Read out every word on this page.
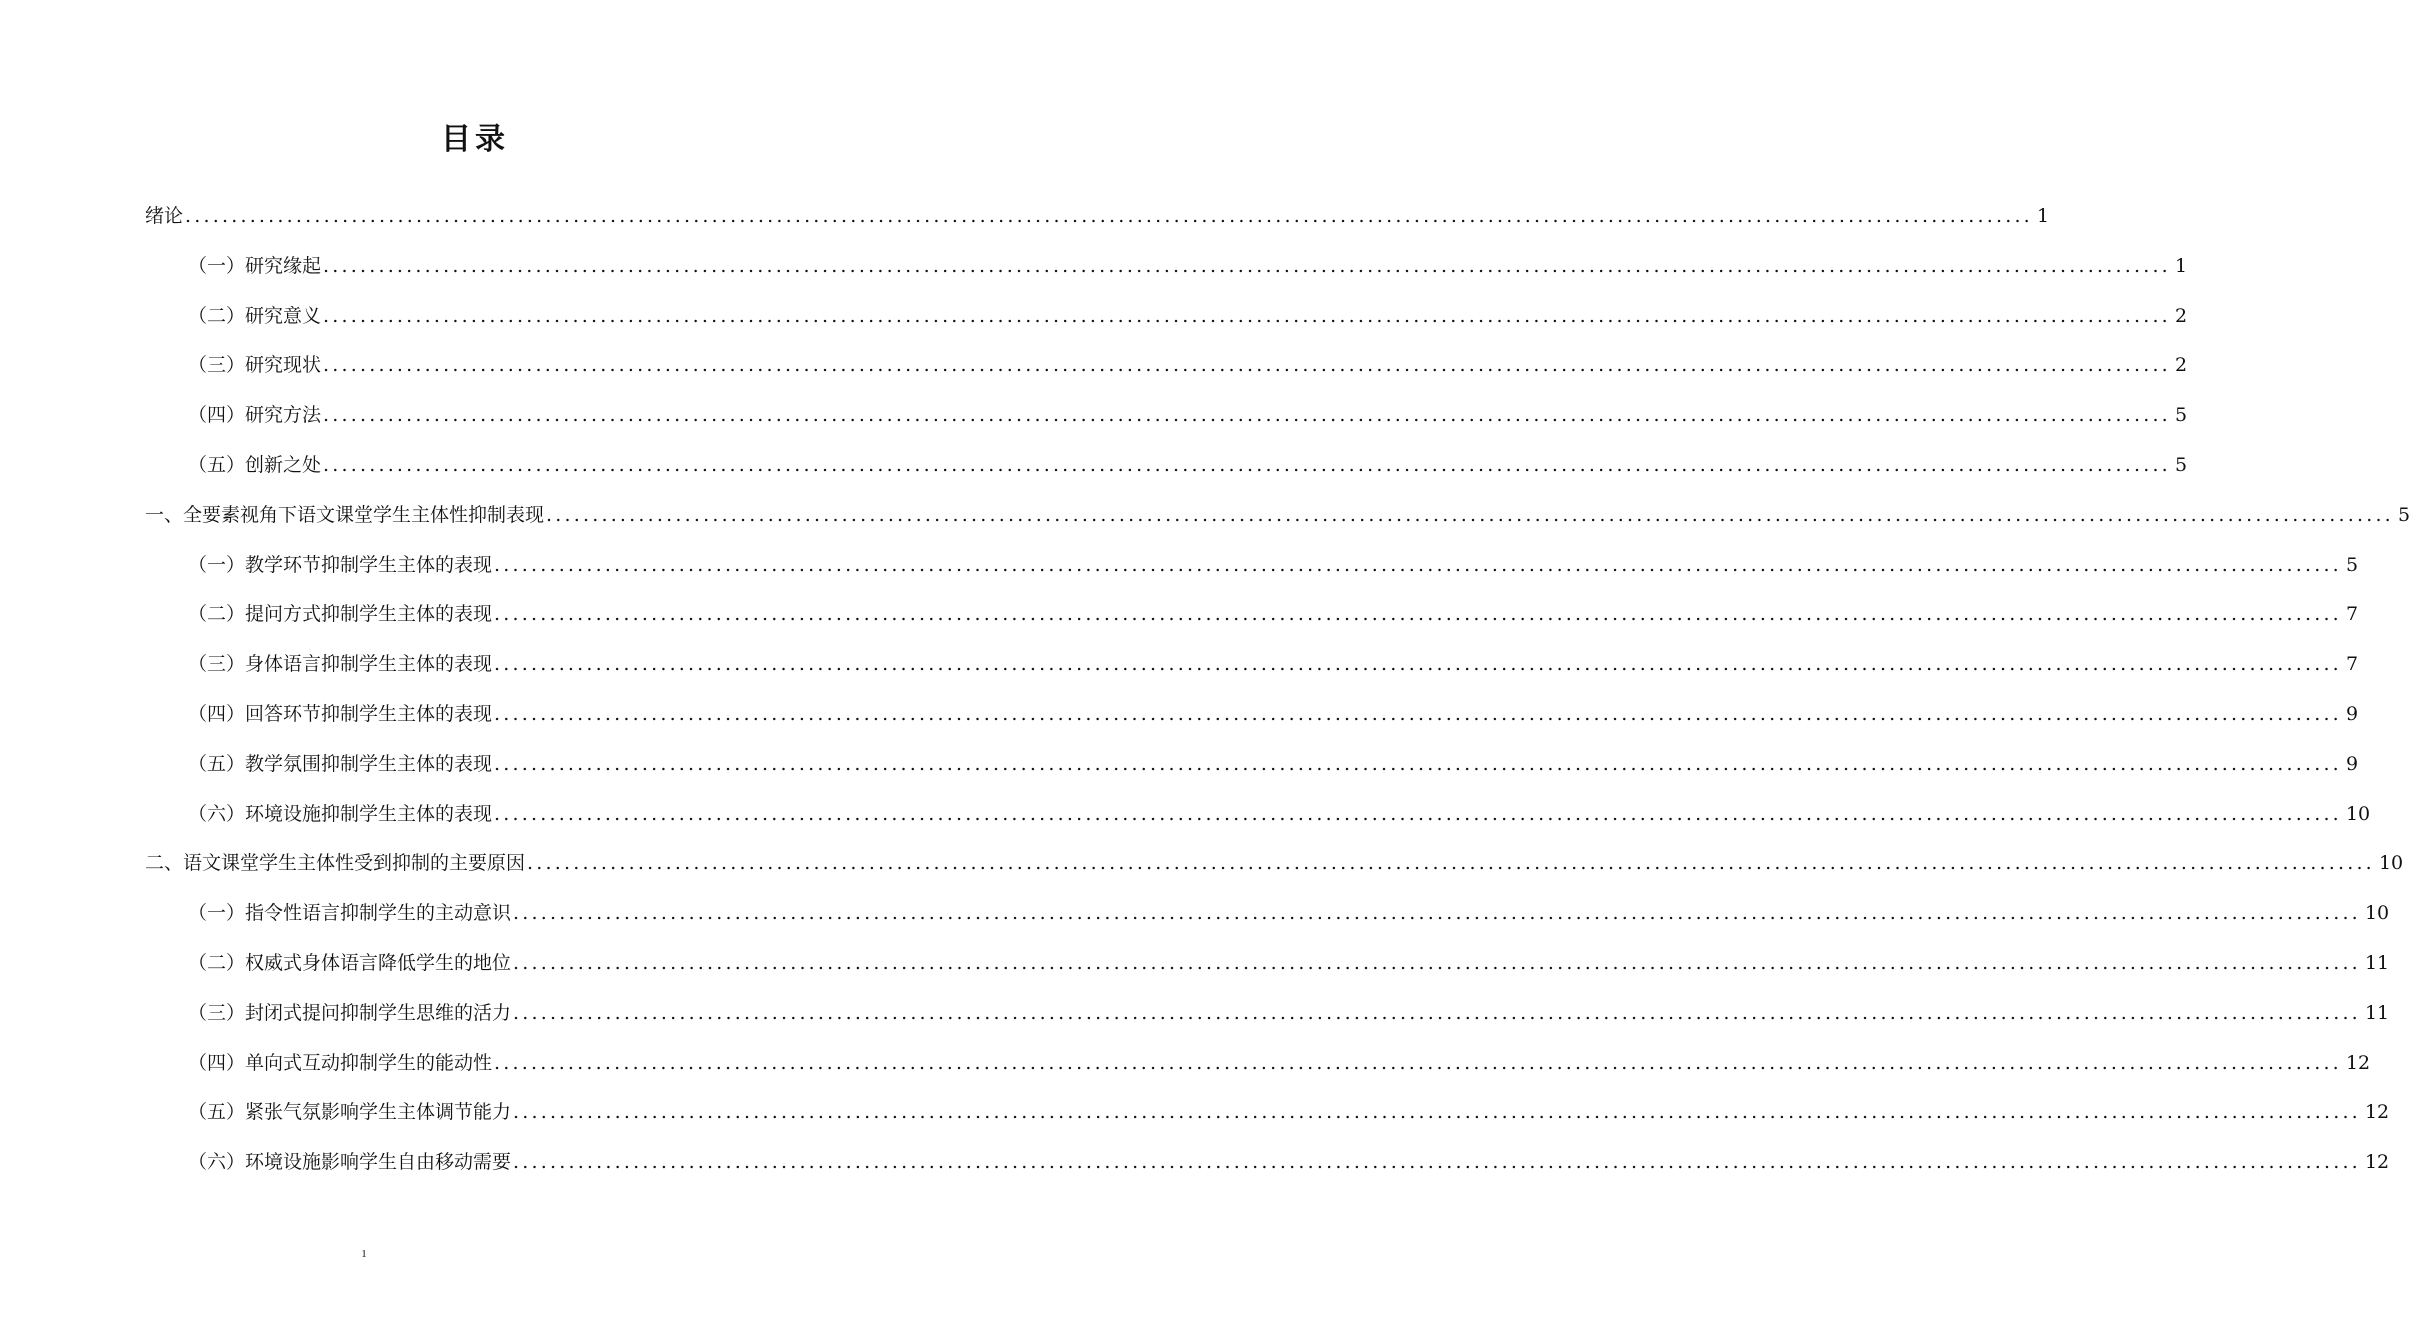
目录
绪论 ........................................................................................................................................................................................................ 1
（一）研究缘起 ........................................................................................................................................................................................................ 1
（二）研究意义 ........................................................................................................................................................................................................ 2
（三）研究现状 ........................................................................................................................................................................................................ 2
（四）研究方法 ........................................................................................................................................................................................................ 5
（五）创新之处 ........................................................................................................................................................................................................ 5
一、全要素视角下语文课堂学生主体性抑制表现 ........................................................................................................................................................................................................ 5
（一）教学环节抑制学生主体的表现 ........................................................................................................................................................................................................ 5
（二）提问方式抑制学生主体的表现 ........................................................................................................................................................................................................ 7
（三）身体语言抑制学生主体的表现 ........................................................................................................................................................................................................ 7
（四）回答环节抑制学生主体的表现 ........................................................................................................................................................................................................ 9
（五）教学氛围抑制学生主体的表现 ........................................................................................................................................................................................................ 9
（六）环境设施抑制学生主体的表现 ........................................................................................................................................................................................................ 10
二、语文课堂学生主体性受到抑制的主要原因 ........................................................................................................................................................................................................ 10
（一）指令性语言抑制学生的主动意识 ........................................................................................................................................................................................................ 10
（二）权威式身体语言降低学生的地位 ........................................................................................................................................................................................................ 11
（三）封闭式提问抑制学生思维的活力 ........................................................................................................................................................................................................ 11
（四）单向式互动抑制学生的能动性 ........................................................................................................................................................................................................ 12
（五）紧张气氛影响学生主体调节能力 ........................................................................................................................................................................................................ 12
（六）环境设施影响学生自由移动需要 ........................................................................................................................................................................................................ 12
1
